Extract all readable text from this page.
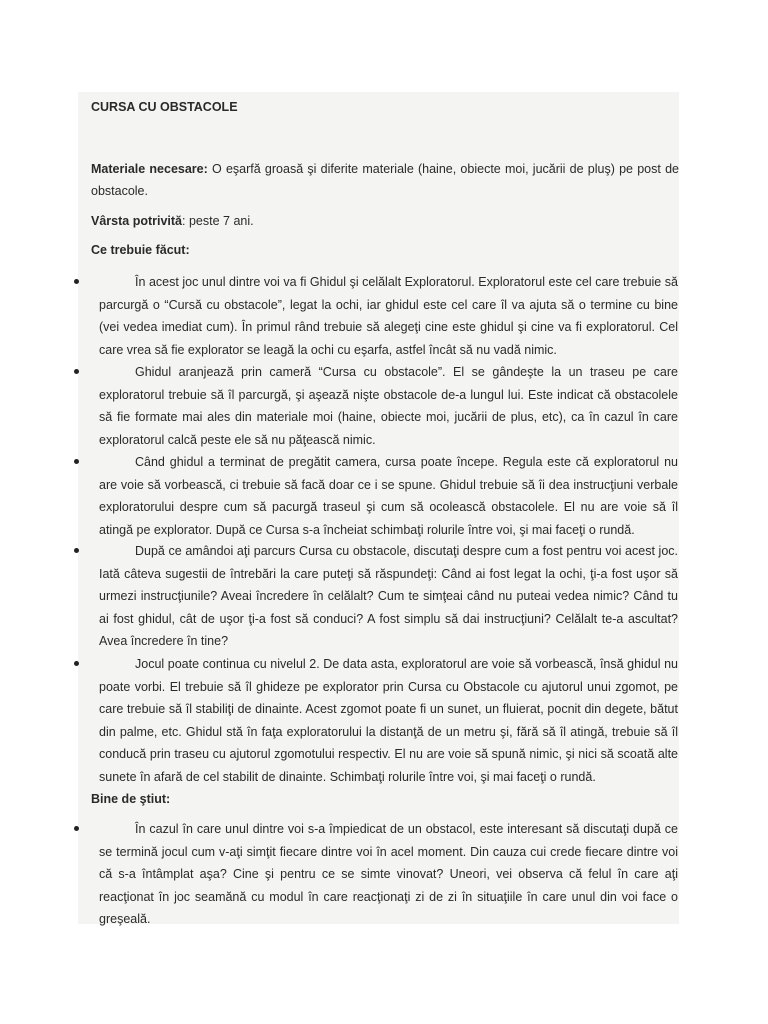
CURSA CU OBSTACOLE

Materiale necesare: O eşarfă groasă şi diferite materiale (haine, obiecte moi, jucării de pluş) pe post de obstacole.

Vârsta potrivită: peste 7 ani.

Ce trebuie făcut:

În acest joc unul dintre voi va fi Ghidul şi celălalt Exploratorul. Exploratorul este cel care trebuie să parcurgă o “Cursă cu obstacole”, legat la ochi, iar ghidul este cel care îl va ajuta să o termine cu bine (vei vedea imediat cum). În primul rând trebuie să alegeţi cine este ghidul şi cine va fi exploratorul. Cel care vrea să fie explorator se leagă la ochi cu eşarfa, astfel încât să nu vadă nimic.

Ghidul aranjează prin cameră “Cursa cu obstacole”. El se gândeşte la un traseu pe care exploratorul trebuie să îl parcurgă, şi aşează nişte obstacole de-a lungul lui. Este indicat că obstacolele să fie formate mai ales din materiale moi (haine, obiecte moi, jucării de plus, etc), ca în cazul în care exploratorul calcă peste ele să nu păţească nimic.

Când ghidul a terminat de pregătit camera, cursa poate începe. Regula este că exploratorul nu are voie să vorbească, ci trebuie să facă doar ce i se spune. Ghidul trebuie să îi dea instrucţiuni verbale exploratorului despre cum să pacurgă traseul şi cum să ocolească obstacolele. El nu are voie să îl atingă pe explorator. După ce Cursa s-a încheiat schimbaţi rolurile între voi, şi mai faceţi o rundă.

După ce amândoi aţi parcurs Cursa cu obstacole, discutaţi despre cum a fost pentru voi acest joc. Iată câteva sugestii de întrebări la care puteţi să răspundeţi: Când ai fost legat la ochi, ţi-a fost uşor să urmezi instrucţiunile? Aveai încredere în celălalt? Cum te simţeai când nu puteai vedea nimic? Când tu ai fost ghidul, cât de uşor ţi-a fost să conduci? A fost simplu să dai instrucţiuni? Celălalt te-a ascultat? Avea încredere în tine?

Jocul poate continua cu nivelul 2. De data asta, exploratorul are voie să vorbească, însă ghidul nu poate vorbi. El trebuie să îl ghideze pe explorator prin Cursa cu Obstacole cu ajutorul unui zgomot, pe care trebuie să îl stabiliţi de dinainte. Acest zgomot poate fi un sunet, un fluierat, pocnit din degete, bătut din palme, etc. Ghidul stă în faţa exploratorului la distanţă de un metru şi, fără să îl atingă, trebuie să îl conducă prin traseu cu ajutorul zgomotului respectiv. El nu are voie să spună nimic, şi nici să scoată alte sunete în afară de cel stabilit de dinainte. Schimbaţi rolurile între voi, şi mai faceţi o rundă.

Bine de ştiut:

În cazul în care unul dintre voi s-a împiedicat de un obstacol, este interesant să discutaţi după ce se termină jocul cum v-aţi simţit fiecare dintre voi în acel moment. Din cauza cui crede fiecare dintre voi că s-a întâmplat aşa? Cine şi pentru ce se simte vinovat? Uneori, vei observa că felul în care aţi reacţionat în joc seamănă cu modul în care reacţionaţi zi de zi în situaţiile în care unul din voi face o greşeală.
